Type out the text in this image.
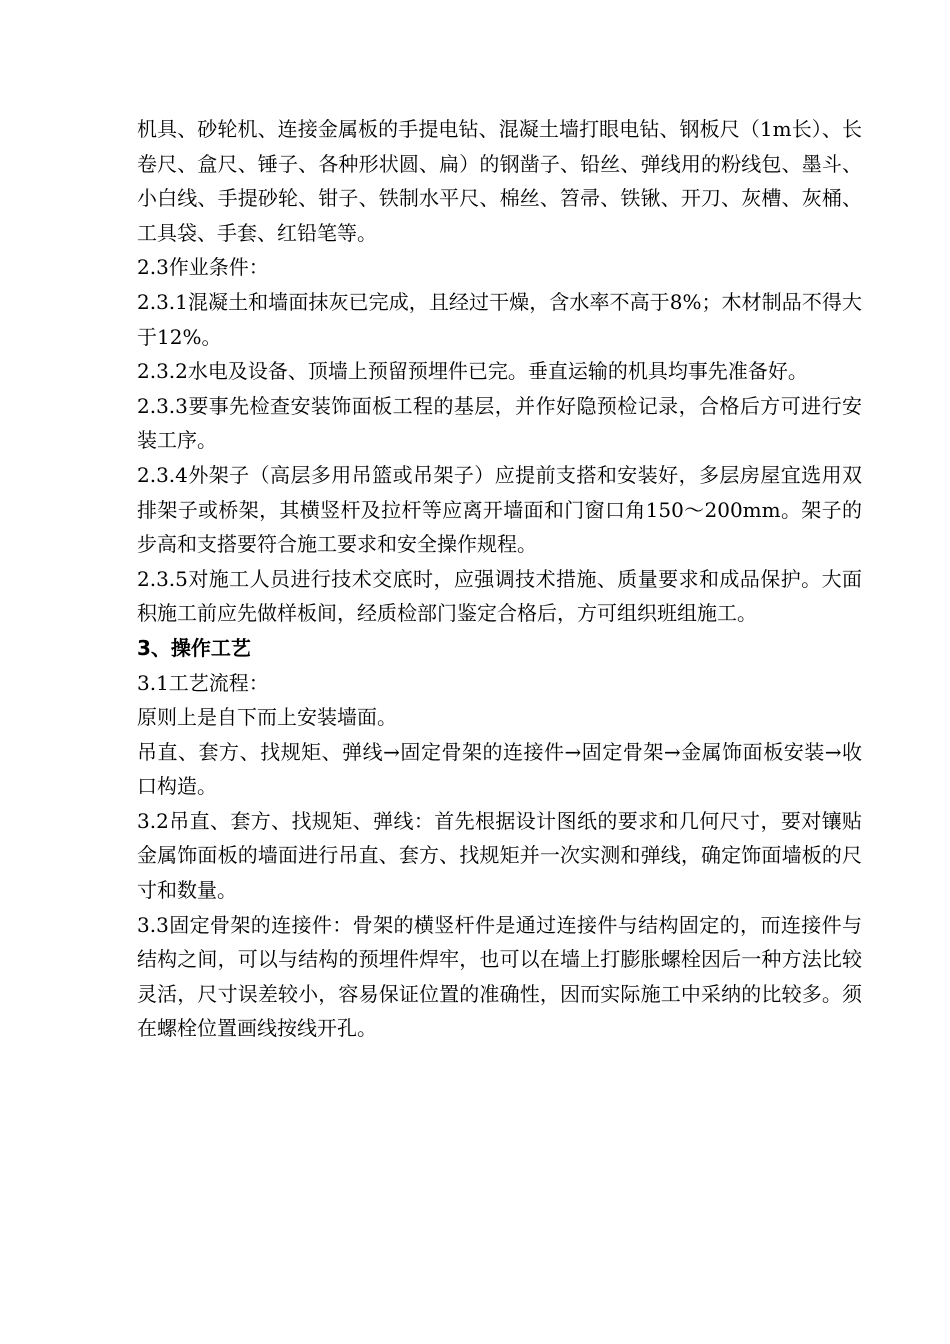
机具、砂轮机、连接金属板的手提电钻、混凝土墙打眼电钻、钢板尺（1m长）、长卷尺、盒尺、锤子、各种形状圆、扁）的钢凿子、铅丝、弹线用的粉线包、墨斗、小白线、手提砂轮、钳子、铁制水平尺、棉丝、笤帚、铁锹、开刀、灰槽、灰桶、工具袋、手套、红铅笔等。

2.3作业条件：

2.3.1混凝土和墙面抹灰已完成，且经过干燥，含水率不高于8%；木材制品不得大于12%。

2.3.2水电及设备、顶墙上预留预埋件已完。垂直运输的机具均事先准备好。

2.3.3要事先检查安装饰面板工程的基层，并作好隐预检记录，合格后方可进行安装工序。

2.3.4外架子（高层多用吊篮或吊架子）应提前支搭和安装好，多层房屋宜选用双排架子或桥架，其横竖杆及拉杆等应离开墙面和门窗口角150～200mm。架子的步高和支搭要符合施工要求和安全操作规程。

2.3.5对施工人员进行技术交底时，应强调技术措施、质量要求和成品保护。大面积施工前应先做样板间，经质检部门鉴定合格后，方可组织班组施工。

3、操作工艺

3.1工艺流程：

原则上是自下而上安装墙面。

吊直、套方、找规矩、弹线→固定骨架的连接件→固定骨架→金属饰面板安装→收口构造。

3.2吊直、套方、找规矩、弹线：首先根据设计图纸的要求和几何尺寸，要对镶贴金属饰面板的墙面进行吊直、套方、找规矩并一次实测和弹线，确定饰面墙板的尺寸和数量。

3.3固定骨架的连接件：骨架的横竖杆件是通过连接件与结构固定的，而连接件与结构之间，可以与结构的预埋件焊牢，也可以在墙上打膨胀螺栓因后一种方法比较灵活，尺寸误差较小，容易保证位置的准确性，因而实际施工中采纳的比较多。须在螺栓位置画线按线开孔。
